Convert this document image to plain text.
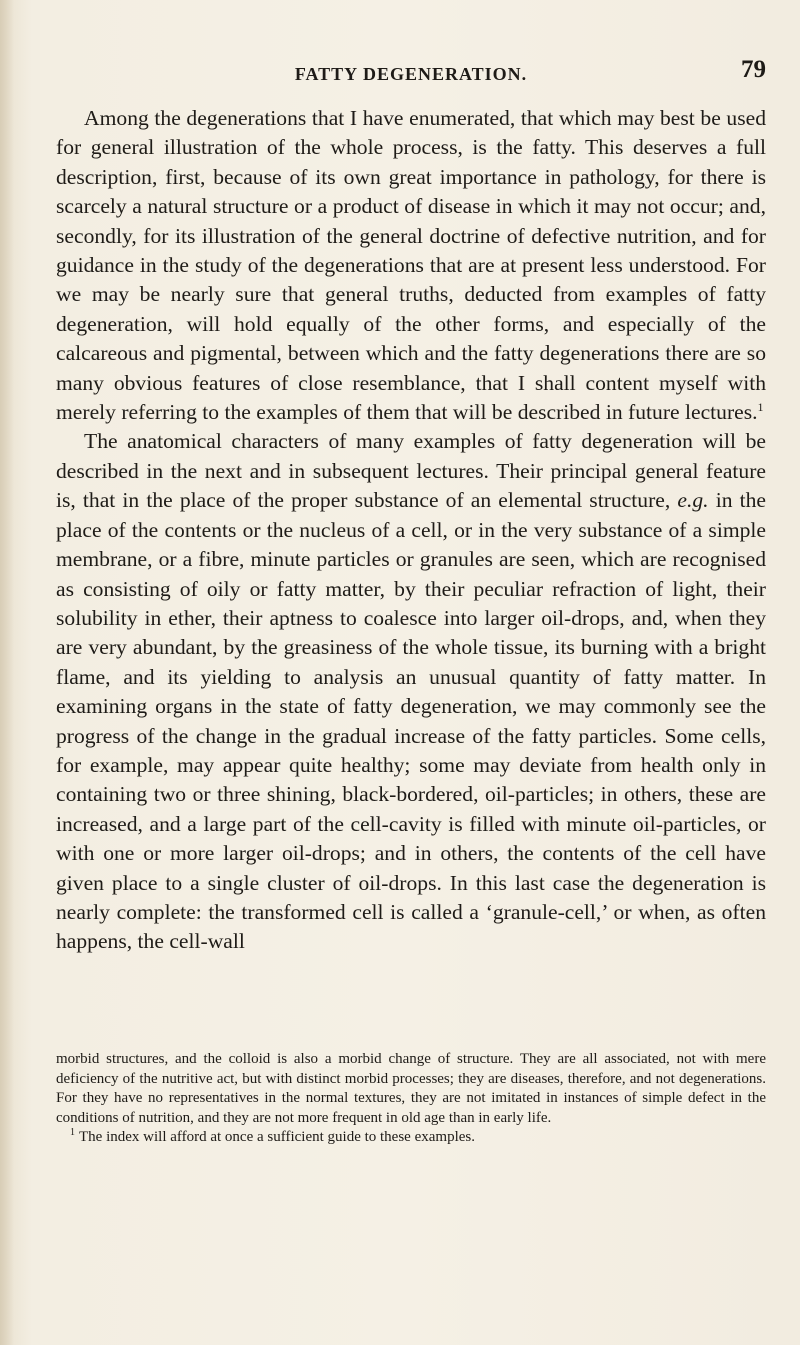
FATTY DEGENERATION.	79

Among the degenerations that I have enumerated, that which may best be used for general illustration of the whole process, is the fatty. This deserves a full description, first, because of its own great importance in pathology, for there is scarcely a natural structure or a product of disease in which it may not occur; and, secondly, for its illustration of the general doctrine of defective nutrition, and for guidance in the study of the degenerations that are at present less understood. For we may be nearly sure that general truths, deducted from examples of fatty degeneration, will hold equally of the other forms, and especially of the calcareous and pigmental, between which and the fatty degenerations there are so many obvious features of close resemblance, that I shall content myself with merely referring to the examples of them that will be described in future lectures.$^1$

The anatomical characters of many examples of fatty degeneration will be described in the next and in subsequent lectures. Their principal general feature is, that in the place of the proper substance of an elemental structure, e.g. in the place of the contents or the nucleus of a cell, or in the very substance of a simple membrane, or a fibre, minute particles or granules are seen, which are recognised as consisting of oily or fatty matter, by their peculiar refraction of light, their solubility in ether, their aptness to coalesce into larger oil-drops, and, when they are very abundant, by the greasiness of the whole tissue, its burning with a bright flame, and its yielding to analysis an unusual quantity of fatty matter. In examining organs in the state of fatty degeneration, we may commonly see the progress of the change in the gradual increase of the fatty particles. Some cells, for example, may appear quite healthy; some may deviate from health only in containing two or three shining, black-bordered, oil-particles; in others, these are increased, and a large part of the cell-cavity is filled with minute oil-particles, or with one or more larger oil-drops; and in others, the contents of the cell have given place to a single cluster of oil-drops. In this last case the degeneration is nearly complete: the transformed cell is called a ‘granule-cell,’ or when, as often happens, the cell-wall

morbid structures, and the colloid is also a morbid change of structure. They are all associated, not with mere deficiency of the nutritive act, but with distinct morbid processes; they are diseases, therefore, and not degenerations. For they have no representatives in the normal textures, they are not imitated in instances of simple defect in the conditions of nutrition, and they are not more frequent in old age than in early life.

$^1$ The index will afford at once a sufficient guide to these examples.
